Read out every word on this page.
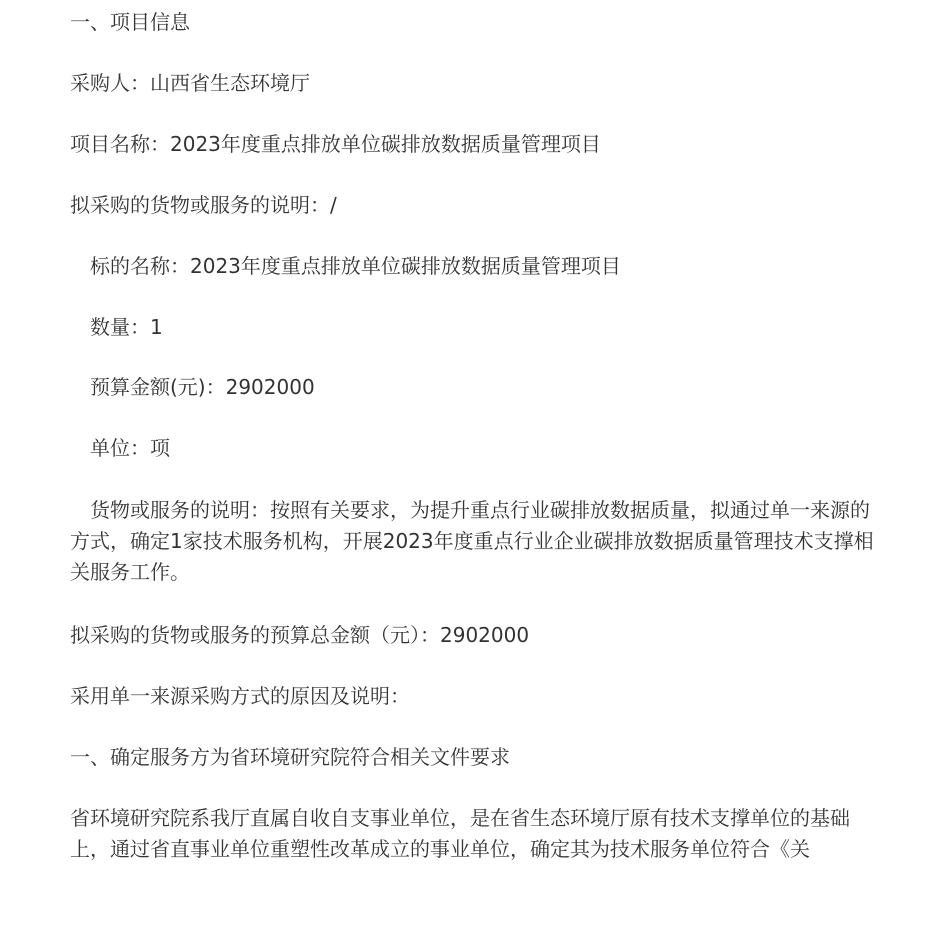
一、项目信息
采购人：山西省生态环境厅
项目名称：2023年度重点排放单位碳排放数据质量管理项目
拟采购的货物或服务的说明：/
标的名称：2023年度重点排放单位碳排放数据质量管理项目
数量：1
预算金额(元)：2902000
单位：项
货物或服务的说明：按照有关要求，为提升重点行业碳排放数据质量，拟通过单一来源的方式，确定1家技术服务机构，开展2023年度重点行业企业碳排放数据质量管理技术支撑相关服务工作。
拟采购的货物或服务的预算总金额（元）：2902000
采用单一来源采购方式的原因及说明：
一、确定服务方为省环境研究院符合相关文件要求
省环境研究院系我厅直属自收自支事业单位，是在省生态环境厅原有技术支撑单位的基础上，通过省直事业单位重塑性改革成立的事业单位，确定其为技术服务单位符合《关
